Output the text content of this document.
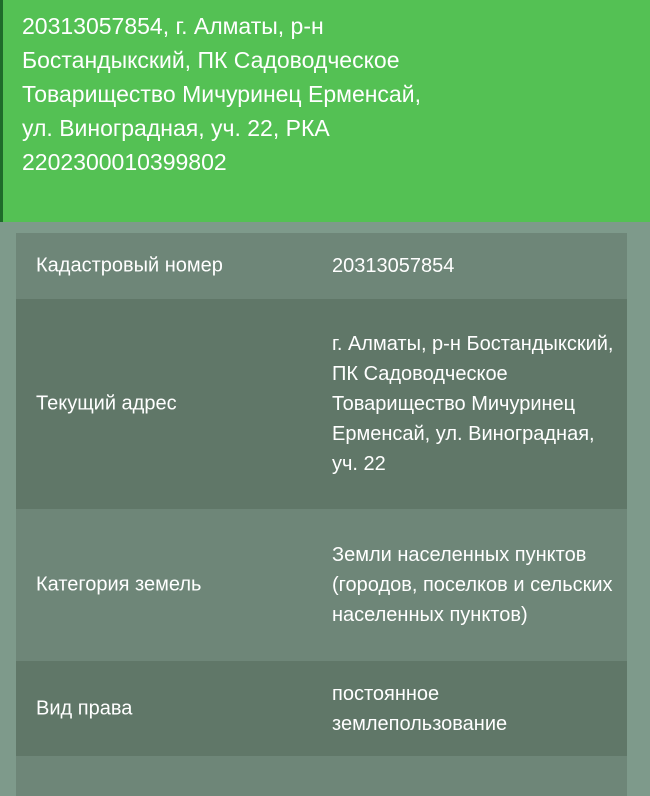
20313057854, г. Алматы, р-н Бостандыкский, ПК Садоводческое Товарищество Мичуринец Ерменсай, ул. Виноградная, уч. 22, РКА 2202300010399802
Кадастровый номер	20313057854
Текущий адрес
г. Алматы, р-н Бостандыкский, ПК Садоводческое Товарищество Мичуринец Ерменсай, ул. Виноградная, уч. 22
Категория земель
Земли населенных пунктов (городов, поселков и сельских населенных пунктов)
Вид права
постоянное землепользование
